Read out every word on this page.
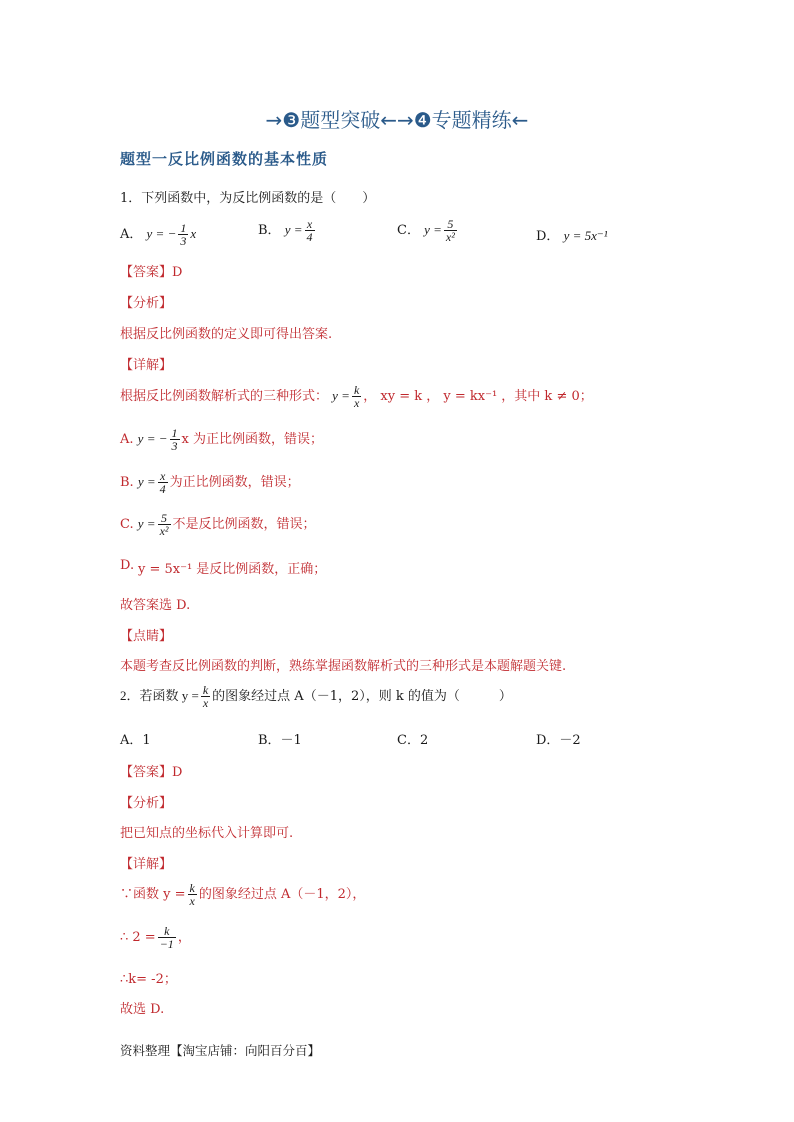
→❸题型突破←→❹专题精练←
题型一反比例函数的基本性质
1．下列函数中，为反比例函数的是（　　）
A． y = − $\frac{1}{3}$ x	B． $y = \frac{x}{4}$	C． $y = \frac{5}{\text{x²}}$	D． y = 5x⁻¹
【答案】D
【分析】
根据反比例函数的定义即可得出答案.
【详解】
根据反比例函数解析式的三种形式： $y = \frac{k}{x}$ ， xy = k ， y = kx⁻¹ ，其中 k ≠ 0；
A. y = − $\frac{1}{3}$ x 为正比例函数，错误；
B. $y = \frac{x}{4}$ 为正比例函数，错误；
C. $y = \frac{5}{\text{x²}}$ 不是反比例函数，错误；
y = 5x⁻¹ 是反比例函数，正确；
D.
故答案选 D.
【点睛】
本题考查反比例函数的判断，熟练掌握函数解析式的三种形式是本题解题关键.
2．若函数 $y = \frac{k}{x}$ 的图象经过点 A（－1，2），则 k 的值为（　　　）
A．1	B．－1	C．2	D．－2
【答案】D
【分析】
把已知点的坐标代入计算即可.
【详解】
∵函数 $y = \frac{k}{x}$ 的图象经过点 A（－1，2），
∴ $2 = \frac{k}{-1}$ ，
∴k= -2；
故选 D.
资料整理【淘宝店铺：向阳百分百】
